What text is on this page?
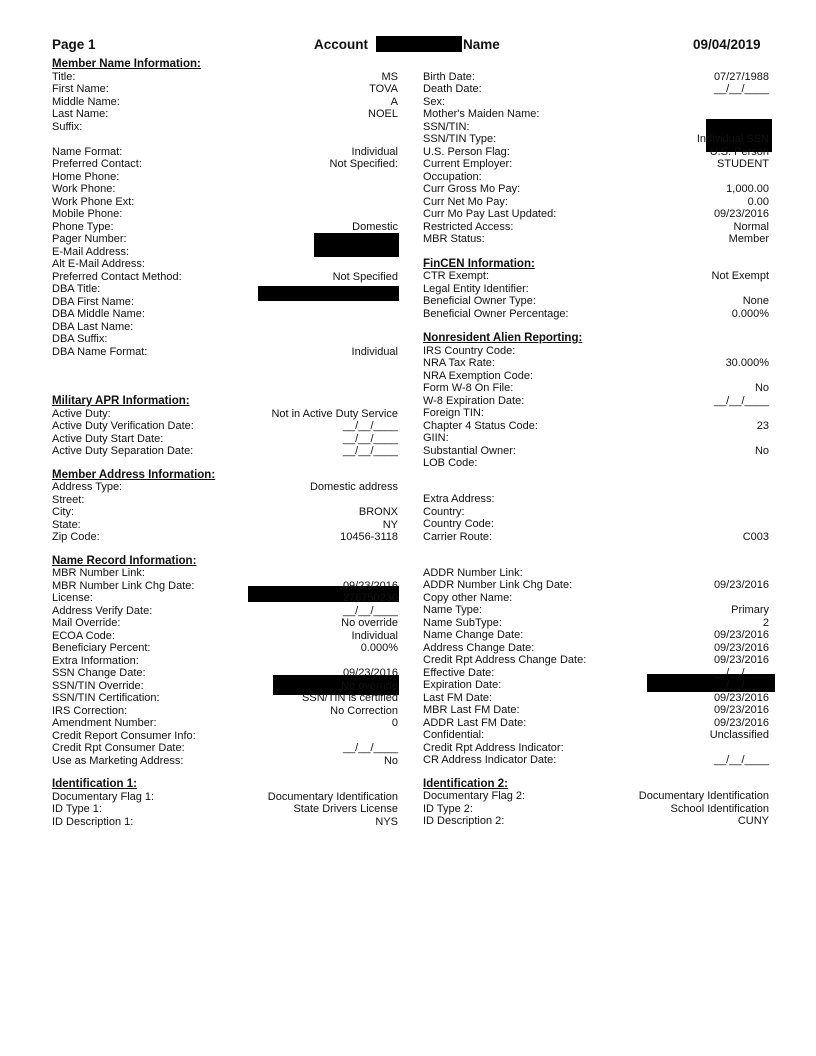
Page 1	Account	Name	09/04/2019
Member Name Information:
Title:	MS
First Name:	TOVA
Middle Name:	A
Last Name:	NOEL
Suffix:
Name Format:	Individual
Preferred Contact:	Not Specified:
Home Phone:
Work Phone:
Work Phone Ext:
Mobile Phone:
Phone Type:	Domestic
Pager Number:
E-Mail Address:
Alt E-Mail Address:
Preferred Contact Method:	Not Specified
DBA Title:
DBA First Name:
DBA Middle Name:
DBA Last Name:
DBA Suffix:
DBA Name Format:	Individual
Military APR Information:
Active Duty:	Not in Active Duty Service
Active Duty Verification Date:	__/__/____
Active Duty Start Date:	__/__/____
Active Duty Separation Date:	__/__/____
Member Address Information:
Address Type:	Domestic address
Street:
City:	BRONX
State:	NY
Zip Code:	10456-3118
Name Record Information:
MBR Number Link:
MBR Number Link Chg Date:	09/23/2016
License:	276750230
Address Verify Date:	__/__/____
Mail Override:	No override
ECOA Code:	Individual
Beneficiary Percent:	0.000%
Extra Information:
SSN Change Date:	09/23/2016
SSN/TIN Override:	No override
SSN/TIN Certification:	SSN/TIN is certified
IRS Correction:	No Correction
Amendment Number:	0
Credit Report Consumer Info:
Credit Rpt Consumer Date:	__/__/____
Use as Marketing Address:	No
Identification 1:
Documentary Flag 1:	Documentary Identification
ID Type 1:	State Drivers License
ID Description 1:	NYS
Birth Date:	07/27/1988
Death Date:	__/__/____
Sex:
Mother's Maiden Name:
SSN/TIN:
SSN/TIN Type:	Individual SSN
U.S. Person Flag:	U.S. Person
Current Employer:	STUDENT
Occupation:
Curr Gross Mo Pay:	1,000.00
Curr Net Mo Pay:	0.00
Curr Mo Pay Last Updated:	09/23/2016
Restricted Access:	Normal
MBR Status:	Member
FinCEN Information:
CTR Exempt:	Not Exempt
Legal Entity Identifier:
Beneficial Owner Type:	None
Beneficial Owner Percentage:	0.000%
Nonresident Alien Reporting:
IRS Country Code:
NRA Tax Rate:	30.000%
NRA Exemption Code:
Form W-8 On File:	No
W-8 Expiration Date:	__/__/____
Foreign TIN:
Chapter 4 Status Code:	23
GIIN:
Substantial Owner:	No
LOB Code:
Extra Address:
Country:
Country Code:
Carrier Route:	C003
ADDR Number Link:
ADDR Number Link Chg Date:	09/23/2016
Copy other Name:
Name Type:	Primary
Name SubType:	2
Name Change Date:	09/23/2016
Address Change Date:	09/23/2016
Credit Rpt Address Change Date:	09/23/2016
Effective Date:	__/__/____
Expiration Date:	__/__/____
Last FM Date:	09/23/2016
MBR Last FM Date:	09/23/2016
ADDR Last FM Date:	09/23/2016
Confidential:	Unclassified
Credit Rpt Address Indicator:
CR Address Indicator Date:	__/__/____
Identification 2:
Documentary Flag 2:	Documentary Identification
ID Type 2:	School Identification
ID Description 2:	CUNY
